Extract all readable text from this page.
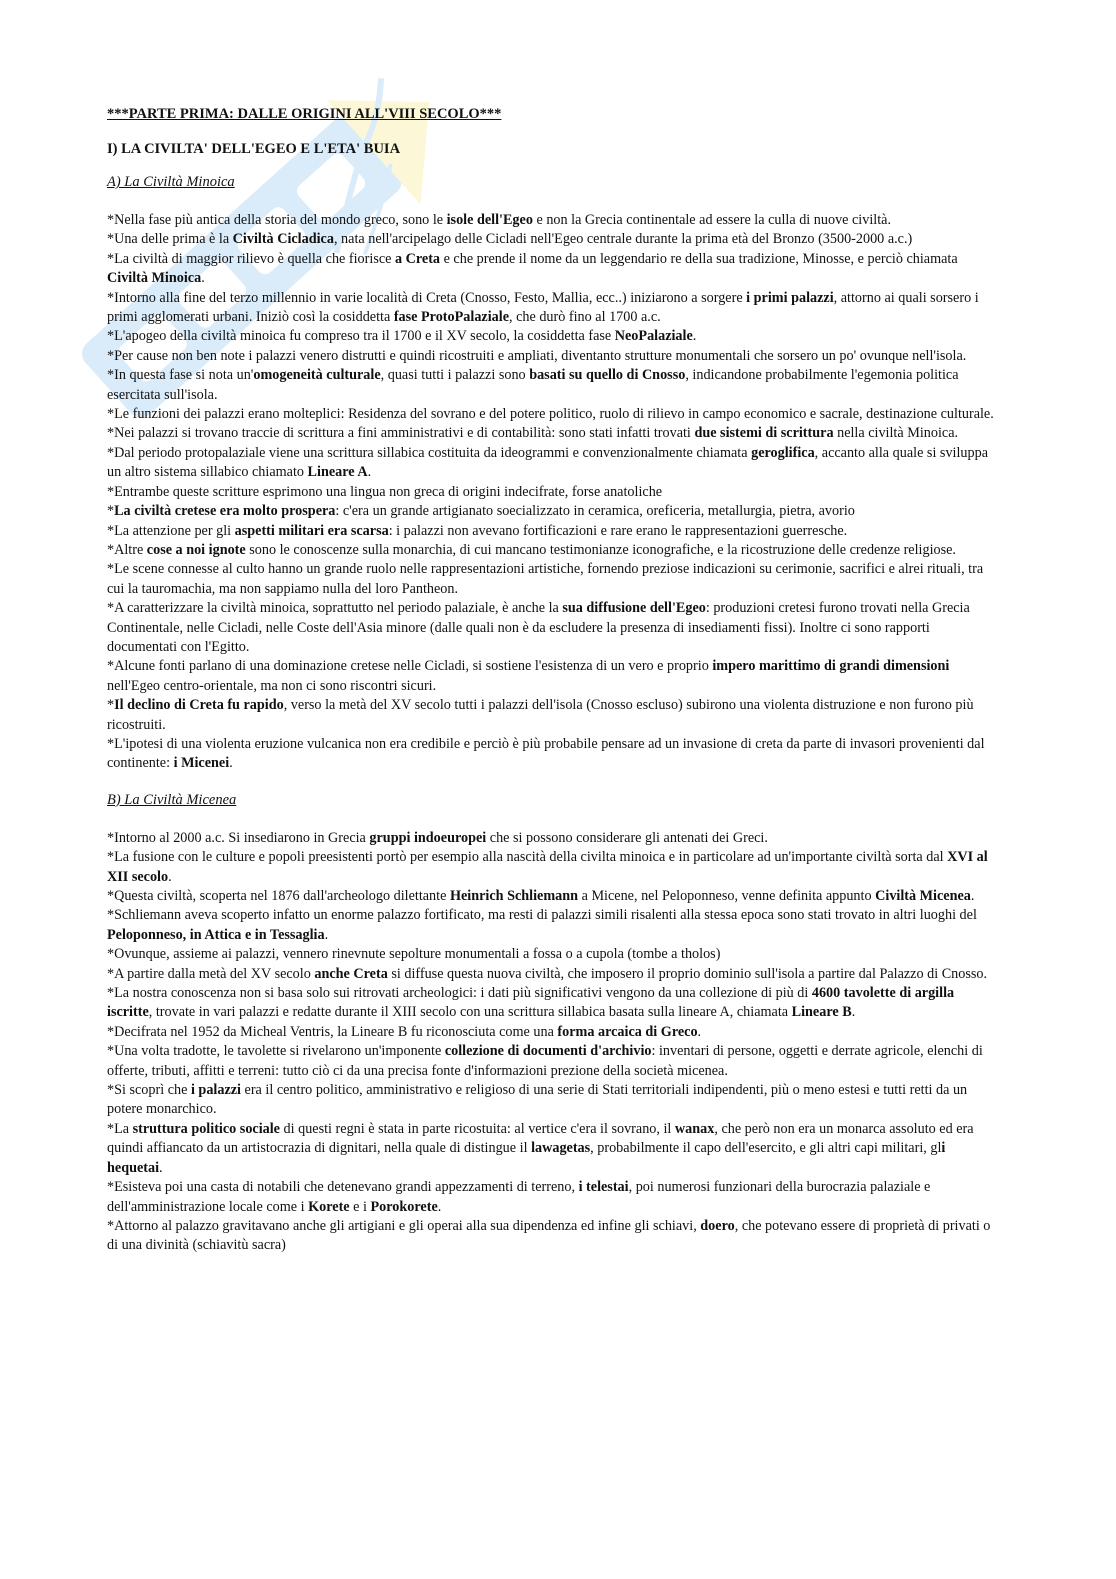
***PARTE PRIMA: DALLE ORIGINI ALL'VIII SECOLO***

I) LA CIVILTA' DELL'EGEO E L'ETA' BUIA

A) La Civiltà Minoica

*Nella fase più antica della storia del mondo greco, sono le isole dell'Egeo e non la Grecia continentale ad essere la culla di nuove civiltà.

*Una delle prima è la Civiltà Cicladica, nata nell'arcipelago delle Cicladi nell'Egeo centrale durante la prima età del Bronzo (3500-2000 a.c.)

*La civiltà di maggior rilievo è quella che fiorisce a Creta e che prende il nome da un leggendario re della sua tradizione, Minosse, e perciò chiamata Civiltà Minoica.

*Intorno alla fine del terzo millennio in varie località di Creta (Cnosso, Festo, Mallia, ecc..) iniziarono a sorgere i primi palazzi, attorno ai quali sorsero i primi agglomerati urbani. Iniziò così la cosiddetta fase ProtoPalaziale, che durò fino al 1700 a.c.

*L'apogeo della civiltà minoica fu compreso tra il 1700 e il XV secolo, la cosiddetta fase NeoPalaziale.

*Per cause non ben note i palazzi venero distrutti e quindi ricostruiti e ampliati, diventanto strutture monumentali che sorsero un po' ovunque nell'isola.

*In questa fase si nota un'omogeneità culturale, quasi tutti i palazzi sono basati su quello di Cnosso, indicandone probabilmente l'egemonia politica esercitata sull'isola.

*Le funzioni dei palazzi erano molteplici: Residenza del sovrano e del potere politico, ruolo di rilievo in campo economico e sacrale, destinazione culturale.

*Nei palazzi si trovano traccie di scrittura a fini amministrativi e di contabilità: sono stati infatti trovati due sistemi di scrittura nella civiltà Minoica.

*Dal periodo protopalaziale viene una scrittura sillabica costituita da ideogrammi e convenzionalmente chiamata geroglifica, accanto alla quale si sviluppa un altro sistema sillabico chiamato Lineare A.

*Entrambe queste scritture esprimono una lingua non greca di origini indecifrate, forse anatoliche

*La civiltà cretese era molto prospera: c'era un grande artigianato soecializzato in ceramica, oreficeria, metallurgia, pietra, avorio

*La attenzione per gli aspetti militari era scarsa: i palazzi non avevano fortificazioni e rare erano le rappresentazioni guerresche.

*Altre cose a noi ignote sono le conoscenze sulla monarchia, di cui mancano testimonianze iconografiche, e la ricostruzione delle credenze religiose.

*Le scene connesse al culto hanno un grande ruolo nelle rappresentazioni artistiche, fornendo preziose indicazioni su cerimonie, sacrifici e alrei rituali, tra cui la tauromachia, ma non sappiamo nulla del loro Pantheon.

*A caratterizzare la civiltà minoica, soprattutto nel periodo palaziale, è anche la sua diffusione dell'Egeo: produzioni cretesi furono trovati nella Grecia Continentale, nelle Cicladi, nelle Coste dell'Asia minore (dalle quali non è da escludere la presenza di insediamenti fissi). Inoltre ci sono rapporti documentati con l'Egitto.

*Alcune fonti parlano di una dominazione cretese nelle Cicladi, si sostiene l'esistenza di un vero e proprio impero marittimo di grandi dimensioni nell'Egeo centro-orientale, ma non ci sono riscontri sicuri.

*Il declino di Creta fu rapido, verso la metà del XV secolo tutti i palazzi dell'isola (Cnosso escluso) subirono una violenta distruzione e non furono più ricostruiti.

*L'ipotesi di una violenta eruzione vulcanica non era credibile e perciò è più probabile pensare ad un invasione di creta da parte di invasori provenienti dal continente: i Micenei.

B) La Civiltà Micenea

*Intorno al 2000 a.c. Si insediarono in Grecia gruppi indoeuropei che si possono considerare gli antenati dei Greci.

*La fusione con le culture e popoli preesistenti portò per esempio alla nascità della civilta minoica e in particolare ad un'importante civiltà sorta dal XVI al XII secolo.

*Questa civiltà, scoperta nel 1876 dall'archeologo dilettante Heinrich Schliemann a Micene, nel Peloponneso, venne definita appunto Civiltà Micenea.

*Schliemann aveva scoperto infatto un enorme palazzo fortificato, ma resti di palazzi simili risalenti alla stessa epoca sono stati trovato in altri luoghi del Peloponneso, in Attica e in Tessaglia.

*Ovunque, assieme ai palazzi, vennero rinevnute sepolture monumentali a fossa o a cupola (tombe a tholos)

*A partire dalla metà del XV secolo anche Creta si diffuse questa nuova civiltà, che imposero il proprio dominio sull'isola a partire dal Palazzo di Cnosso.

*La nostra conoscenza non si basa solo sui ritrovati archeologici: i dati più significativi vengono da una collezione di più di 4600 tavolette di argilla iscritte, trovate in vari palazzi e redatte durante il XIII secolo con una scrittura sillabica basata sulla lineare A, chiamata Lineare B.

*Decifrata nel 1952 da Micheal Ventris, la Lineare B fu riconosciuta come una forma arcaica di Greco.

*Una volta tradotte, le tavolette si rivelarono un'imponente collezione di documenti d'archivio: inventari di persone, oggetti e derrate agricole, elenchi di offerte, tributi, affitti e terreni: tutto ciò ci da una precisa fonte d'informazioni prezione della società micenea.

*Si scoprì che i palazzi era il centro politico, amministrativo e religioso di una serie di Stati territoriali indipendenti, più o meno estesi e tutti retti da un potere monarchico.

*La struttura politico sociale di questi regni è stata in parte ricostuita: al vertice c'era il sovrano, il wanax, che però non era un monarca assoluto ed era quindi affiancato da un artistocrazia di dignitari, nella quale di distingue il lawagetas, probabilmente il capo dell'esercito, e gli altri capi militari, gli hequetai.

*Esisteva poi una casta di notabili che detenevano grandi appezzamenti di terreno, i telestai, poi numerosi funzionari della burocrazia palaziale e dell'amministrazione locale come i Korete e i Porokorete.

*Attorno al palazzo gravitavano anche gli artigiani e gli operai alla sua dipendenza ed infine gli schiavi, doero, che potevano essere di proprietà di privati o di una divinità (schiavitù sacra)
